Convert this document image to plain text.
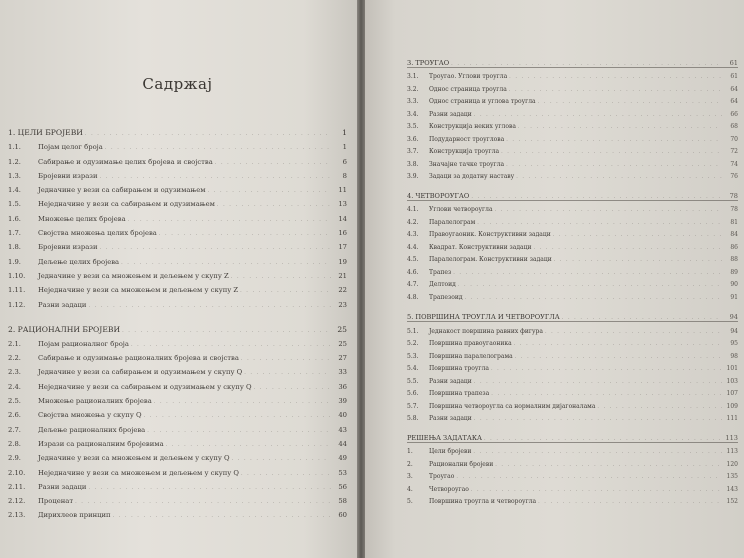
Садржај
1. ЦЕЛИ БРОЈЕВИ . . .	1
1.1.	Појам целог броја . . .	1
1.2.	Сабирање и одузимање целих бројева и својства . . .	6
1.3.	Бројевни изрази . . .	8
1.4.	Једначине у вези са сабирањем и одузимањем . . .	11
1.5.	Неједначине у вези са сабирањем и одузимањем . . .	13
1.6.	Множење целих бројева . . .	14
1.7.	Својства множења целих бројева . . .	16
1.8.	Бројевни изрази . . .	17
1.9.	Дељење целих бројева . . .	19
1.10.	Једначине у вези са множењем и дељењем у скупу Z . . .	21
1.11.	Неједначине у вези са множењем и дељењем у скупу Z . . .	22
1.12.	Разни задаци . . .	23
2. РАЦИОНАЛНИ БРОЈЕВИ . . .	25
2.1.	Појам рационалног броја . . .	25
2.2.	Сабирање и одузимање рационалних бројева и својства . . .	27
2.3.	Једначине у вези са сабирањем и одузимањем у скупу Q . . .	33
2.4.	Неједначине у вези са сабирањем и одузимањем у скупу Q . . .	36
2.5.	Множење рационалних бројева . . .	39
2.6.	Својства множења у скупу Q . . .	40
2.7.	Дељење рационалних бројева . . .	43
2.8.	Изрази са рационалним бројевима . . .	44
2.9.	Једначине у вези са множењем и дељењем у скупу Q . . .	49
2.10.	Неједначине у вези са множењем и дељењем у скупу Q . . .	53
2.11.	Разни задаци . . .	56
2.12.	Проценат . . .	58
2.13.	Дирихлеов принцип . . .	60
3. ТРОУГАО . . .	61
3.1.	Троугао. Углови троугла . . .	61
3.2.	Однос страница троугла . . .	64
3.3.	Однос страница и углова троугла . . .	64
3.4.	Разни задаци . . .	66
3.5.	Конструкција неких углова . . .	68
3.6.	Подударност троуглова . . .	70
3.7.	Конструкција троугла . . .	72
3.8.	Значајне тачке троугла . . .	74
3.9.	Задаци за додатну наставу . . .	76
4. ЧЕТВОРОУГАО . . .	78
4.1.	Углови четвороугла . . .	78
4.2.	Паралелограм . . .	81
4.3.	Правоугаоник. Конструктивни задаци . . .	84
4.4.	Квадрат. Конструктивни задаци . . .	86
4.5.	Паралелограм. Конструктивни задаци . . .	88
4.6.	Трапез . . .	89
4.7.	Делтоид . . .	90
4.8.	Трапезоид . . .	91
5. ПОВРШИНА ТРОУГЛА И ЧЕТВОРОУГЛА . . .	94
5.1.	Једнакост површина равних фигура . . .	94
5.2.	Површина правоугаоника . . .	95
5.3.	Површина паралелограма . . .	98
5.4.	Површина троугла . . .	101
5.5.	Разни задаци . . .	103
5.6.	Површина трапеза . . .	107
5.7.	Површина четвороугла са нормалним дијагоналама . . .	109
5.8.	Разни задаци . . .	111
РЕШЕЊА ЗАДАТАКА . . .	113
1.	Цели бројеви . . .	113
2.	Рационални бројеви . . .	120
3.	Троугао . . .	135
4.	Четвороугао . . .	143
5.	Површина троугла и четвороугла . . .	152
